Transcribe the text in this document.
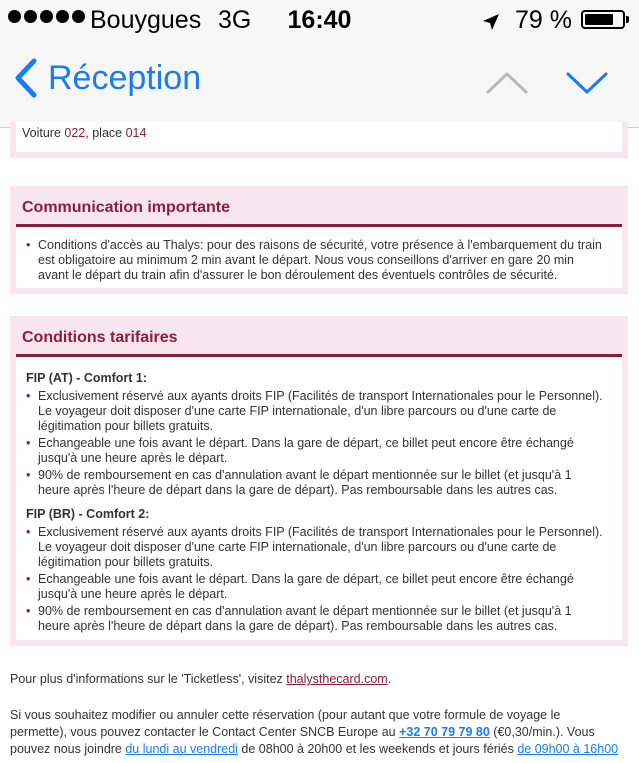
Bouygues 3G	16:40	79 %
Réception
Voiture 022, place 014
Communication importante
• Conditions d'accès au Thalys: pour des raisons de sécurité, votre présence à l'embarquement du train est obligatoire au minimum 2 min avant le départ. Nous vous conseillons d'arriver en gare 20 min avant le départ du train afin d'assurer le bon déroulement des éventuels contrôles de sécurité.
Conditions tarifaires
FIP (AT) - Comfort 1:
• Exclusivement réservé aux ayants droits FIP (Facilités de transport Internationales pour le Personnel). Le voyageur doit disposer d'une carte FIP internationale, d'un libre parcours ou d'une carte de légitimation pour billets gratuits.
• Echangeable une fois avant le départ. Dans la gare de départ, ce billet peut encore être échangé jusqu'à une heure après le départ.
• 90% de remboursement en cas d'annulation avant le départ mentionnée sur le billet (et jusqu'à 1 heure après l'heure de départ dans la gare de départ). Pas remboursable dans les autres cas.
FIP (BR) - Comfort 2:
• Exclusivement réservé aux ayants droits FIP (Facilités de transport Internationales pour le Personnel). Le voyageur doit disposer d'une carte FIP internationale, d'un libre parcours ou d'une carte de légitimation pour billets gratuits.
• Echangeable une fois avant le départ. Dans la gare de départ, ce billet peut encore être échangé jusqu'à une heure après le départ.
• 90% de remboursement en cas d'annulation avant le départ mentionnée sur le billet (et jusqu'à 1 heure après l'heure de départ dans la gare de départ). Pas remboursable dans les autres cas.
Pour plus d'informations sur le 'Ticketless', visitez thalysthecard.com.
Si vous souhaitez modifier ou annuler cette réservation (pour autant que votre formule de voyage le permette), vous pouvez contacter le Contact Center SNCB Europe au +32 70 79 79 80 (€0,30/min.). Vous pouvez nous joindre du lundi au vendredi de 08h00 à 20h00 et les weekends et jours fériés de 09h00 à 16h00
